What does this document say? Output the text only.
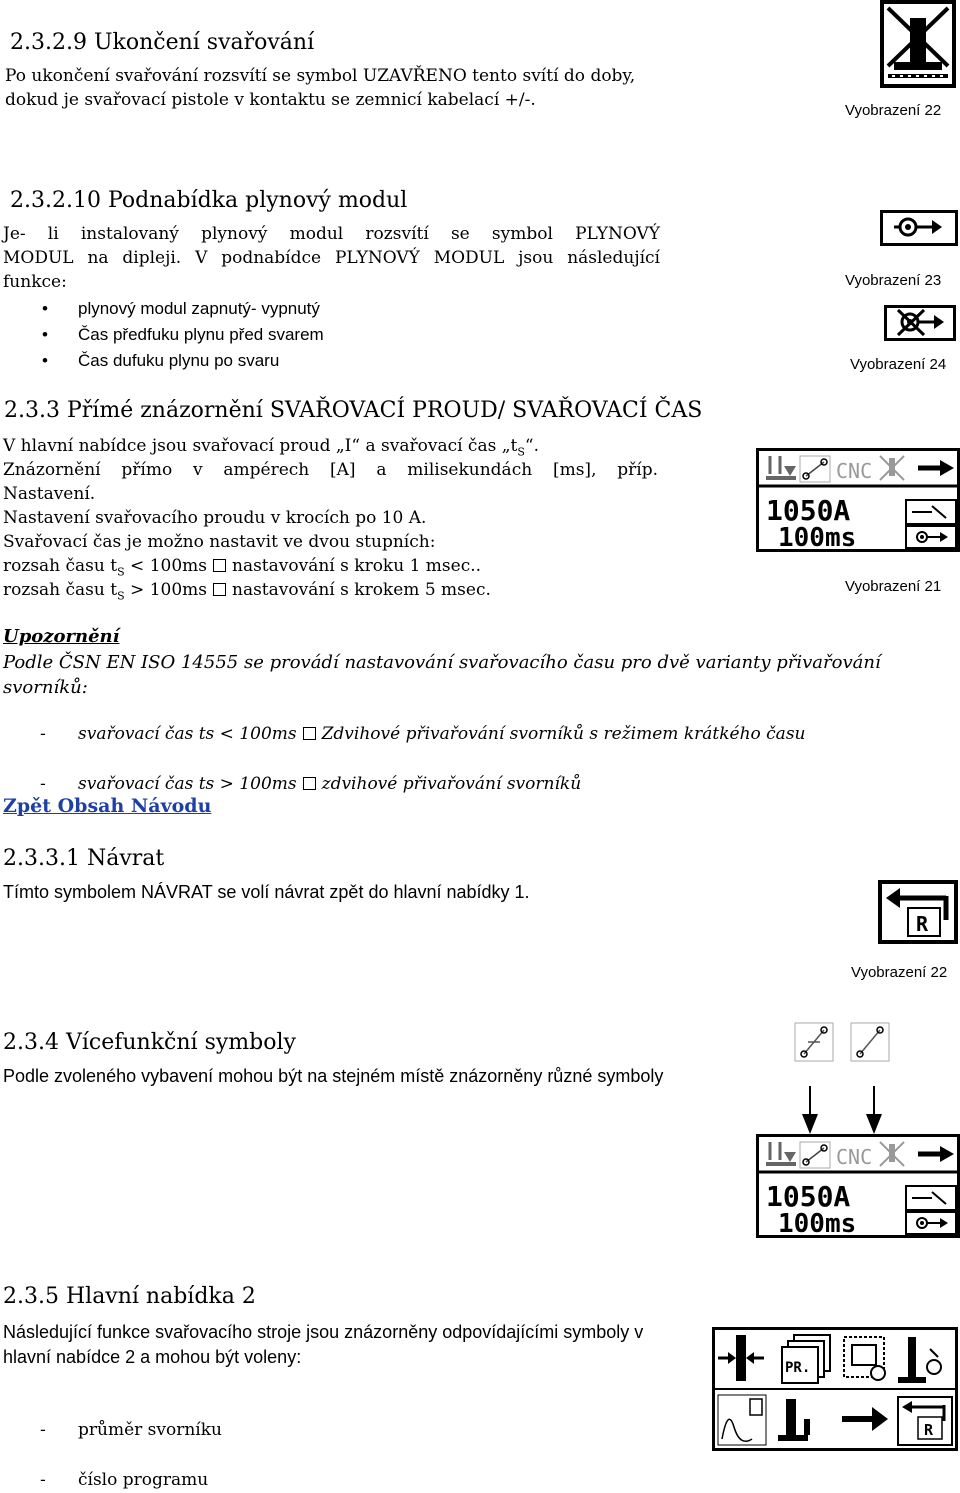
2.3.2.9 Ukončení svařování
Po ukončení svařování rozsvítí se symbol UZAVŘENO tento svítí do doby, dokud je svařovací pistole v kontaktu se zemnicí kabelací +/-.
Vyobrazení 22
2.3.2.10 Podnabídka plynový modul
Je- li instalovaný plynový modul rozsvítí se symbol PLYNOVÝ
MODUL na dipleji. V podnabídce PLYNOVÝ MODUL jsou následující
funkce:
• plynový modul zapnutý- vypnutý
• Čas předfuku plynu před svarem
• Čas dufuku plynu po svaru
Vyobrazení 23
Vyobrazení 24
2.3.3 Přímé znázornění SVAŘOVACÍ PROUD/ SVAŘOVACÍ ČAS
V hlavní nabídce jsou svařovací proud „I“ a svařovací čas $„t_S“$.
Znázornění přímo v ampérech [A] a milisekundách [ms], příp.
Nastavení.
Nastavení svařovacího proudu v krocích po 10 A.
Svařovací čas je možno nastavit ve dvou stupních:
rozsah času $t_S < 100ms$ nastavování s kroku 1 msec..
rozsah času $t_S > 100ms$ nastavování s krokem 5 msec.
CNC
1050A
100ms
Vyobrazení 21
Upozornění
Podle ČSN EN ISO 14555 se provádí nastavování svařovacího času pro dvě varianty přivařování svorníků:
- svařovací čas ts < 100ms Zdvihové přivařování svorníků s režimem krátkého času
- svařovací čas ts > 100ms zdvihové přivařování svorníků
Zpět Obsah Návodu
2.3.3.1 Návrat
Tímto symbolem NÁVRAT se volí návrat zpět do hlavní nabídky 1.
R
Vyobrazení 22
2.3.4 Vícefunkční symboly
Podle zvoleného vybavení mohou být na stejném místě znázorněny různé symboly
CNC
1050A
100ms
2.3.5 Hlavní nabídka 2
Následující funkce svařovacího stroje jsou znázorněny odpovídajícími symboly v hlavní nabídce 2 a mohou být voleny:
- průměr svorníku
- číslo programu
PR.
R
